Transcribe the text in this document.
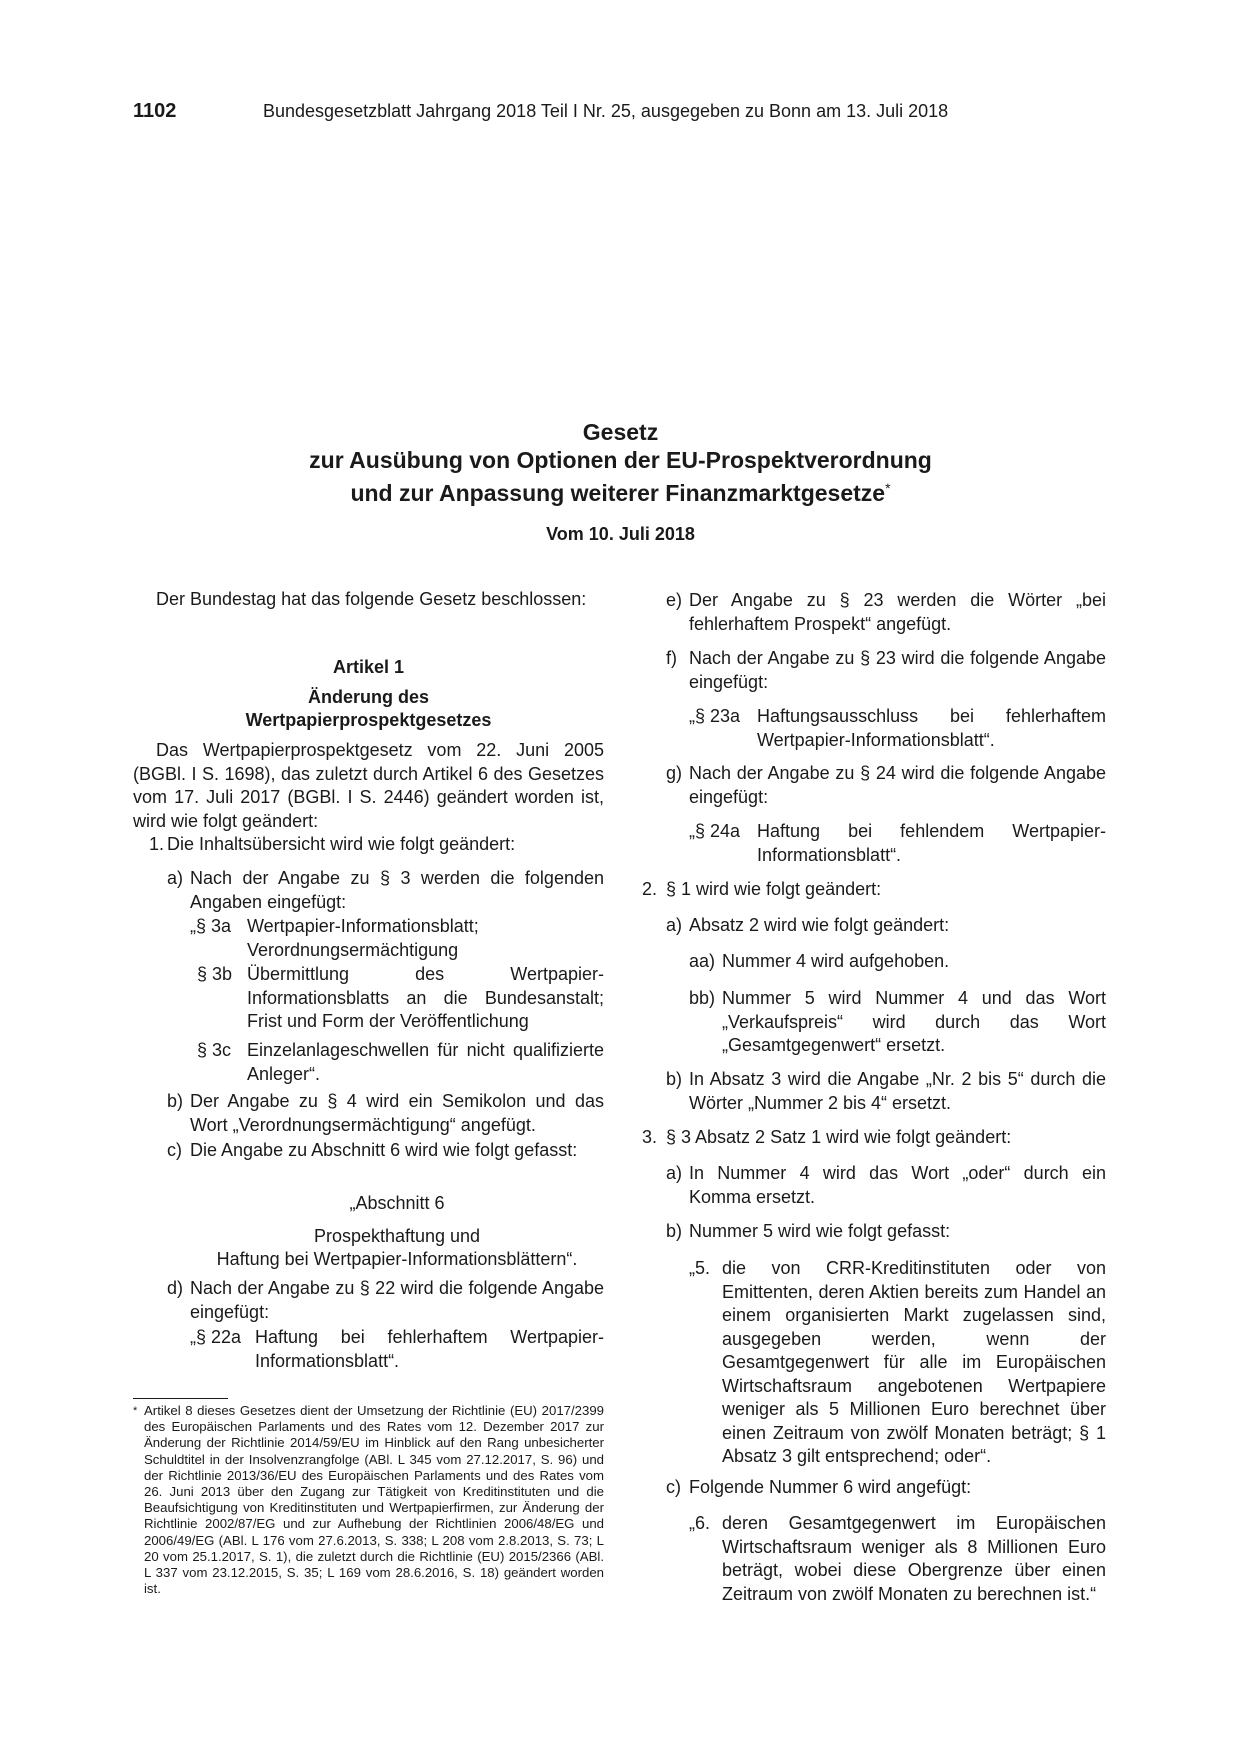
1102	Bundesgesetzblatt Jahrgang 2018 Teil I Nr. 25, ausgegeben zu Bonn am 13. Juli 2018
Gesetz
zur Ausübung von Optionen der EU-Prospektverordnung
und zur Anpassung weiterer Finanzmarktgesetze*
Vom 10. Juli 2018
Der Bundestag hat das folgende Gesetz beschlossen:
Artikel 1
Änderung des
Wertpapierprospektgesetzes
Das Wertpapierprospektgesetz vom 22. Juni 2005 (BGBl. I S. 1698), das zuletzt durch Artikel 6 des Gesetzes vom 17. Juli 2017 (BGBl. I S. 2446) geändert worden ist, wird wie folgt geändert:
1. Die Inhaltsübersicht wird wie folgt geändert:
a) Nach der Angabe zu § 3 werden die folgenden Angaben eingefügt:
„§ 3a Wertpapier-Informationsblatt; Verordnungsermächtigung
§ 3b Übermittlung des Wertpapier-Informationsblatts an die Bundesanstalt; Frist und Form der Veröffentlichung
§ 3c Einzelanlageschwellen für nicht qualifizierte Anleger“.
b) Der Angabe zu § 4 wird ein Semikolon und das Wort „Verordnungsermächtigung“ angefügt.
c) Die Angabe zu Abschnitt 6 wird wie folgt gefasst:
„Abschnitt 6
Prospekthaftung und
Haftung bei Wertpapier-Informationsblättern“.
d) Nach der Angabe zu § 22 wird die folgende Angabe eingefügt:
„§ 22a Haftung bei fehlerhaftem Wertpapier-Informationsblatt“.
* Artikel 8 dieses Gesetzes dient der Umsetzung der Richtlinie (EU) 2017/2399 des Europäischen Parlaments und des Rates vom 12. Dezember 2017 zur Änderung der Richtlinie 2014/59/EU im Hinblick auf den Rang unbesicherter Schuldtitel in der Insolvenzrangfolge (ABl. L 345 vom 27.12.2017, S. 96) und der Richtlinie 2013/36/EU des Europäischen Parlaments und des Rates vom 26. Juni 2013 über den Zugang zur Tätigkeit von Kreditinstituten und die Beaufsichtigung von Kreditinstituten und Wertpapierfirmen, zur Änderung der Richtlinie 2002/87/EG und zur Aufhebung der Richtlinien 2006/48/EG und 2006/49/EG (ABl. L 176 vom 27.6.2013, S. 338; L 208 vom 2.8.2013, S. 73; L 20 vom 25.1.2017, S. 1), die zuletzt durch die Richtlinie (EU) 2015/2366 (ABl. L 337 vom 23.12.2015, S. 35; L 169 vom 28.6.2016, S. 18) geändert worden ist.
e) Der Angabe zu § 23 werden die Wörter „bei fehlerhaftem Prospekt“ angefügt.
f) Nach der Angabe zu § 23 wird die folgende Angabe eingefügt:
„§ 23a Haftungsausschluss bei fehlerhaftem Wertpapier-Informationsblatt“.
g) Nach der Angabe zu § 24 wird die folgende Angabe eingefügt:
„§ 24a Haftung bei fehlendem Wertpapier-Informationsblatt“.
2. § 1 wird wie folgt geändert:
a) Absatz 2 wird wie folgt geändert:
aa) Nummer 4 wird aufgehoben.
bb) Nummer 5 wird Nummer 4 und das Wort „Verkaufspreis“ wird durch das Wort „Gesamtgegenwert“ ersetzt.
b) In Absatz 3 wird die Angabe „Nr. 2 bis 5“ durch die Wörter „Nummer 2 bis 4“ ersetzt.
3. § 3 Absatz 2 Satz 1 wird wie folgt geändert:
a) In Nummer 4 wird das Wort „oder“ durch ein Komma ersetzt.
b) Nummer 5 wird wie folgt gefasst:
„5. die von CRR-Kreditinstituten oder von Emittenten, deren Aktien bereits zum Handel an einem organisierten Markt zugelassen sind, ausgegeben werden, wenn der Gesamtgegenwert für alle im Europäischen Wirtschaftsraum angebotenen Wertpapiere weniger als 5 Millionen Euro berechnet über einen Zeitraum von zwölf Monaten beträgt; § 1 Absatz 3 gilt entsprechend; oder“.
c) Folgende Nummer 6 wird angefügt:
„6. deren Gesamtgegenwert im Europäischen Wirtschaftsraum weniger als 8 Millionen Euro beträgt, wobei diese Obergrenze über einen Zeitraum von zwölf Monaten zu berechnen ist.“
